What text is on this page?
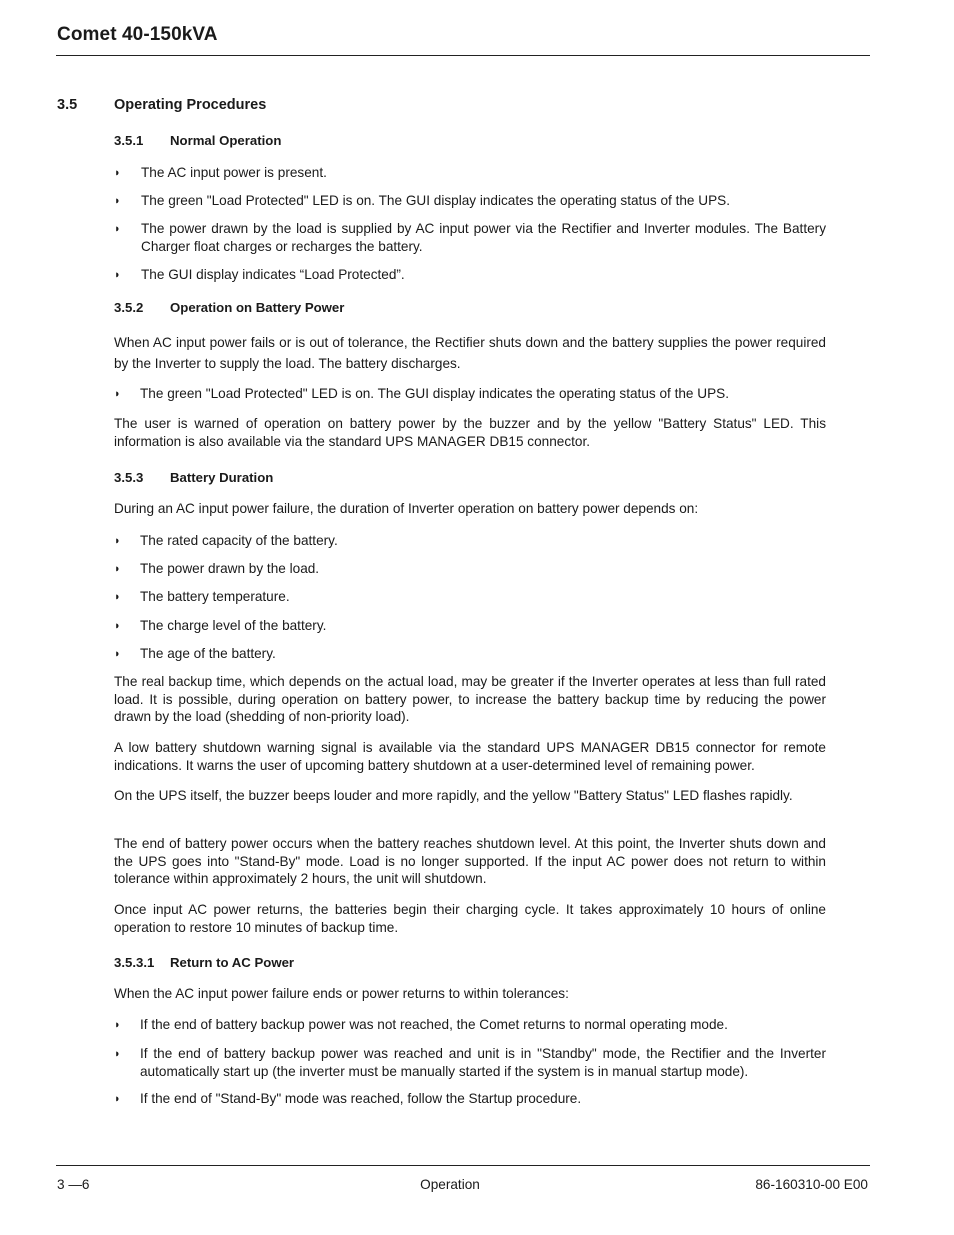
Comet 40-150kVA
3.5	Operating Procedures
3.5.1 Normal Operation
◗ The AC input power is present.
◗ The green "Load Protected" LED is on. The GUI display indicates the operating status of the UPS.
◗ The power drawn by the load is supplied by AC input power via the Rectifier and Inverter modules. The Battery Charger float charges or recharges the battery.
◗ The GUI display indicates “Load Protected”.
3.5.2 Operation on Battery Power
When AC input power fails or is out of tolerance, the Rectifier shuts down and the battery supplies the power required by the Inverter to supply the load. The battery discharges.
◗ The green "Load Protected" LED is on. The GUI display indicates the operating status of the UPS.
The user is warned of operation on battery power by the buzzer and by the yellow "Battery Status" LED. This information is also available via the standard UPS MANAGER DB15 connector.
3.5.3 Battery Duration
During an AC input power failure, the duration of Inverter operation on battery power depends on:
◗ The rated capacity of the battery.
◗ The power drawn by the load.
◗ The battery temperature.
◗ The charge level of the battery.
◗ The age of the battery.
The real backup time, which depends on the actual load, may be greater if the Inverter operates at less than full rated load. It is possible, during operation on battery power, to increase the battery backup time by reducing the power drawn by the load (shedding of non-priority load).
A low battery shutdown warning signal is available via the standard UPS MANAGER DB15 connector for remote indications. It warns the user of upcoming battery shutdown at a user-determined level of remaining power.
On the UPS itself, the buzzer beeps louder and more rapidly, and the yellow "Battery Status" LED flashes rapidly.
The end of battery power occurs when the battery reaches shutdown level. At this point, the Inverter shuts down and the UPS goes into "Stand-By" mode. Load is no longer supported. If the input AC power does not return to within tolerance within approximately 2 hours, the unit will shutdown.
Once input AC power returns, the batteries begin their charging cycle. It takes approximately 10 hours of online operation to restore 10 minutes of backup time.
3.5.3.1 Return to AC Power
When the AC input power failure ends or power returns to within tolerances:
◗ If the end of battery backup power was not reached, the Comet returns to normal operating mode.
◗ If the end of battery backup power was reached and unit is in "Standby" mode, the Rectifier and the Inverter automatically start up (the inverter must be manually started if the system is in manual startup mode).
◗ If the end of "Stand-By" mode was reached, follow the Startup procedure.
3 —6	Operation	86-160310-00 E00
